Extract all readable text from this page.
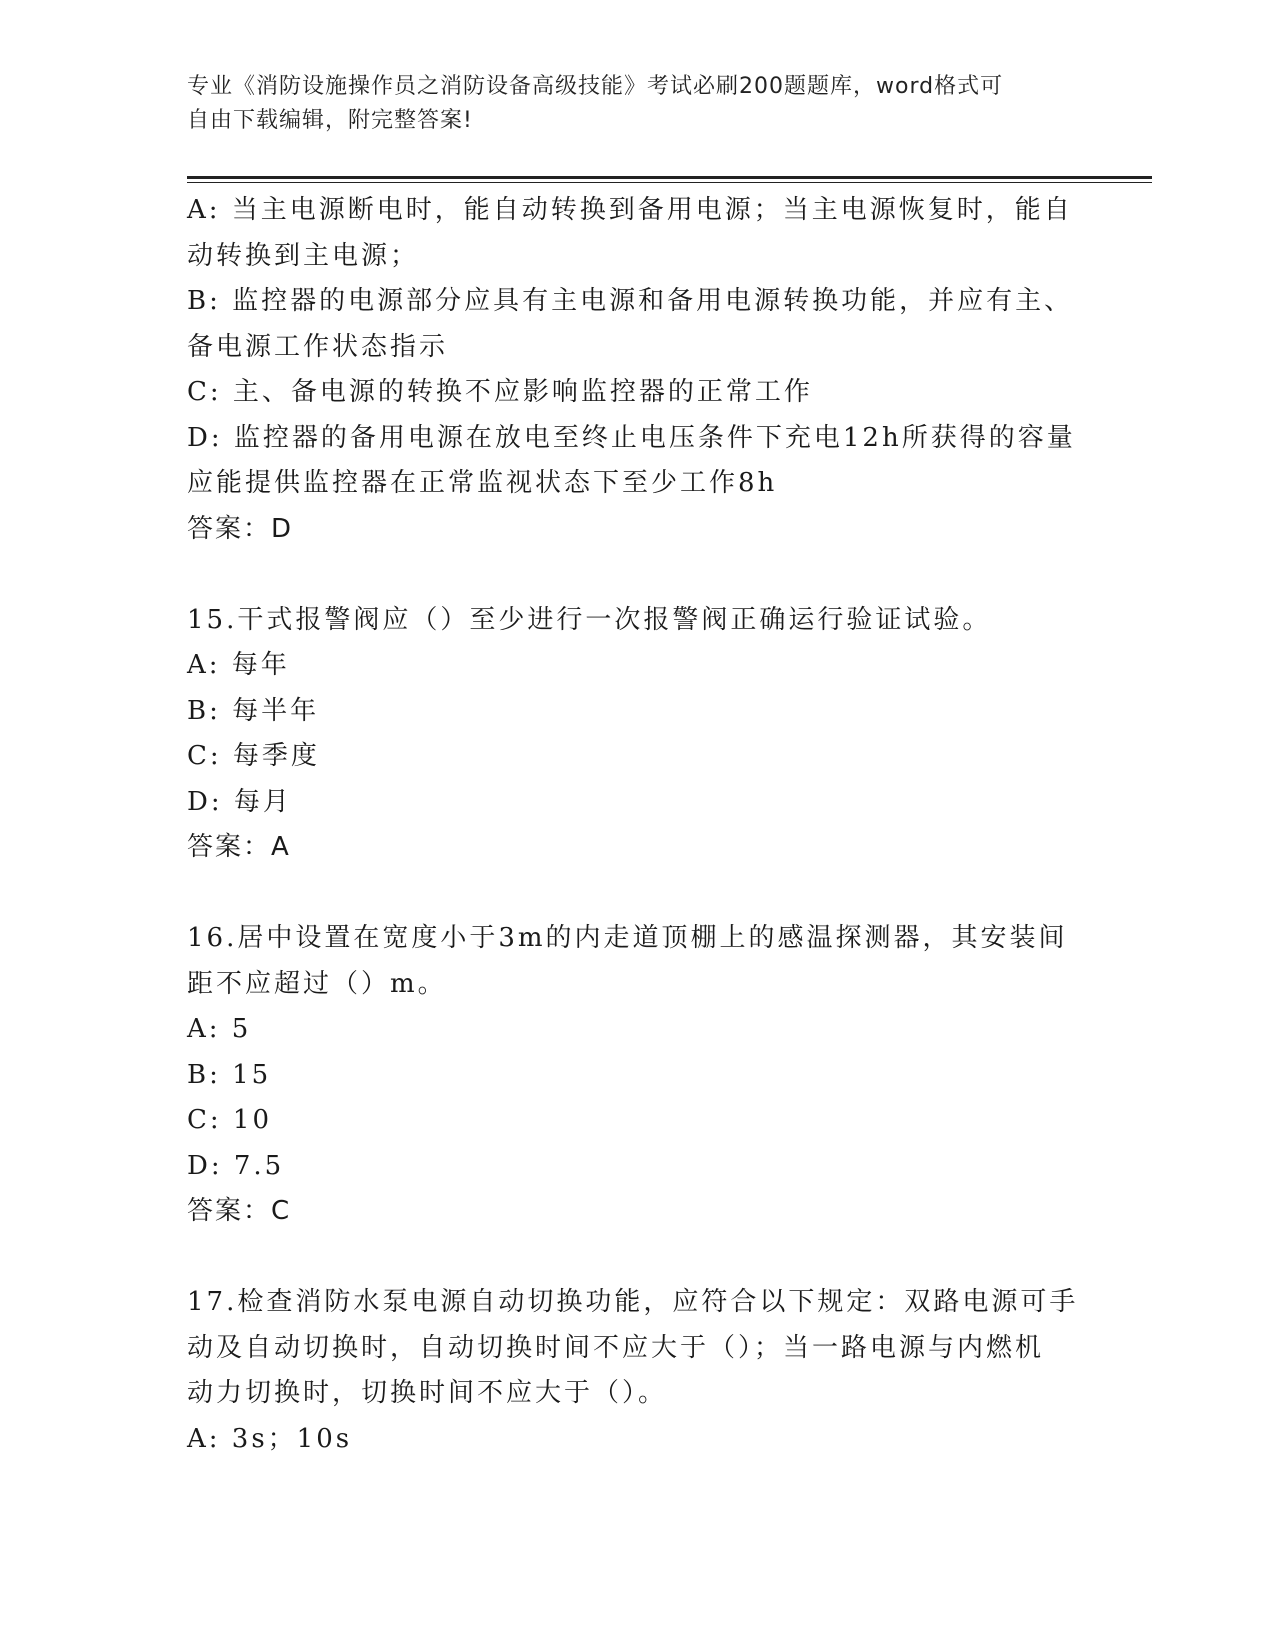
专业《消防设施操作员之消防设备高级技能》考试必刷200题题库，word格式可
自由下载编辑，附完整答案!
A: 当主电源断电时，能自动转换到备用电源；当主电源恢复时，能自
动转换到主电源；
B: 监控器的电源部分应具有主电源和备用电源转换功能，并应有主、
备电源工作状态指示
C: 主、备电源的转换不应影响监控器的正常工作
D: 监控器的备用电源在放电至终止电压条件下充电12h所获得的容量
应能提供监控器在正常监视状态下至少工作8h
答案：D
15.干式报警阀应（）至少进行一次报警阀正确运行验证试验。
A: 每年
B: 每半年
C: 每季度
D: 每月
答案：A
16.居中设置在宽度小于3m的内走道顶棚上的感温探测器，其安装间
距不应超过（）m。
A: 5
B: 15
C: 10
D: 7.5
答案：C
17.检查消防水泵电源自动切换功能，应符合以下规定：双路电源可手
动及自动切换时，自动切换时间不应大于（）；当一路电源与内燃机
动力切换时，切换时间不应大于（）。
A: 3s；10s
